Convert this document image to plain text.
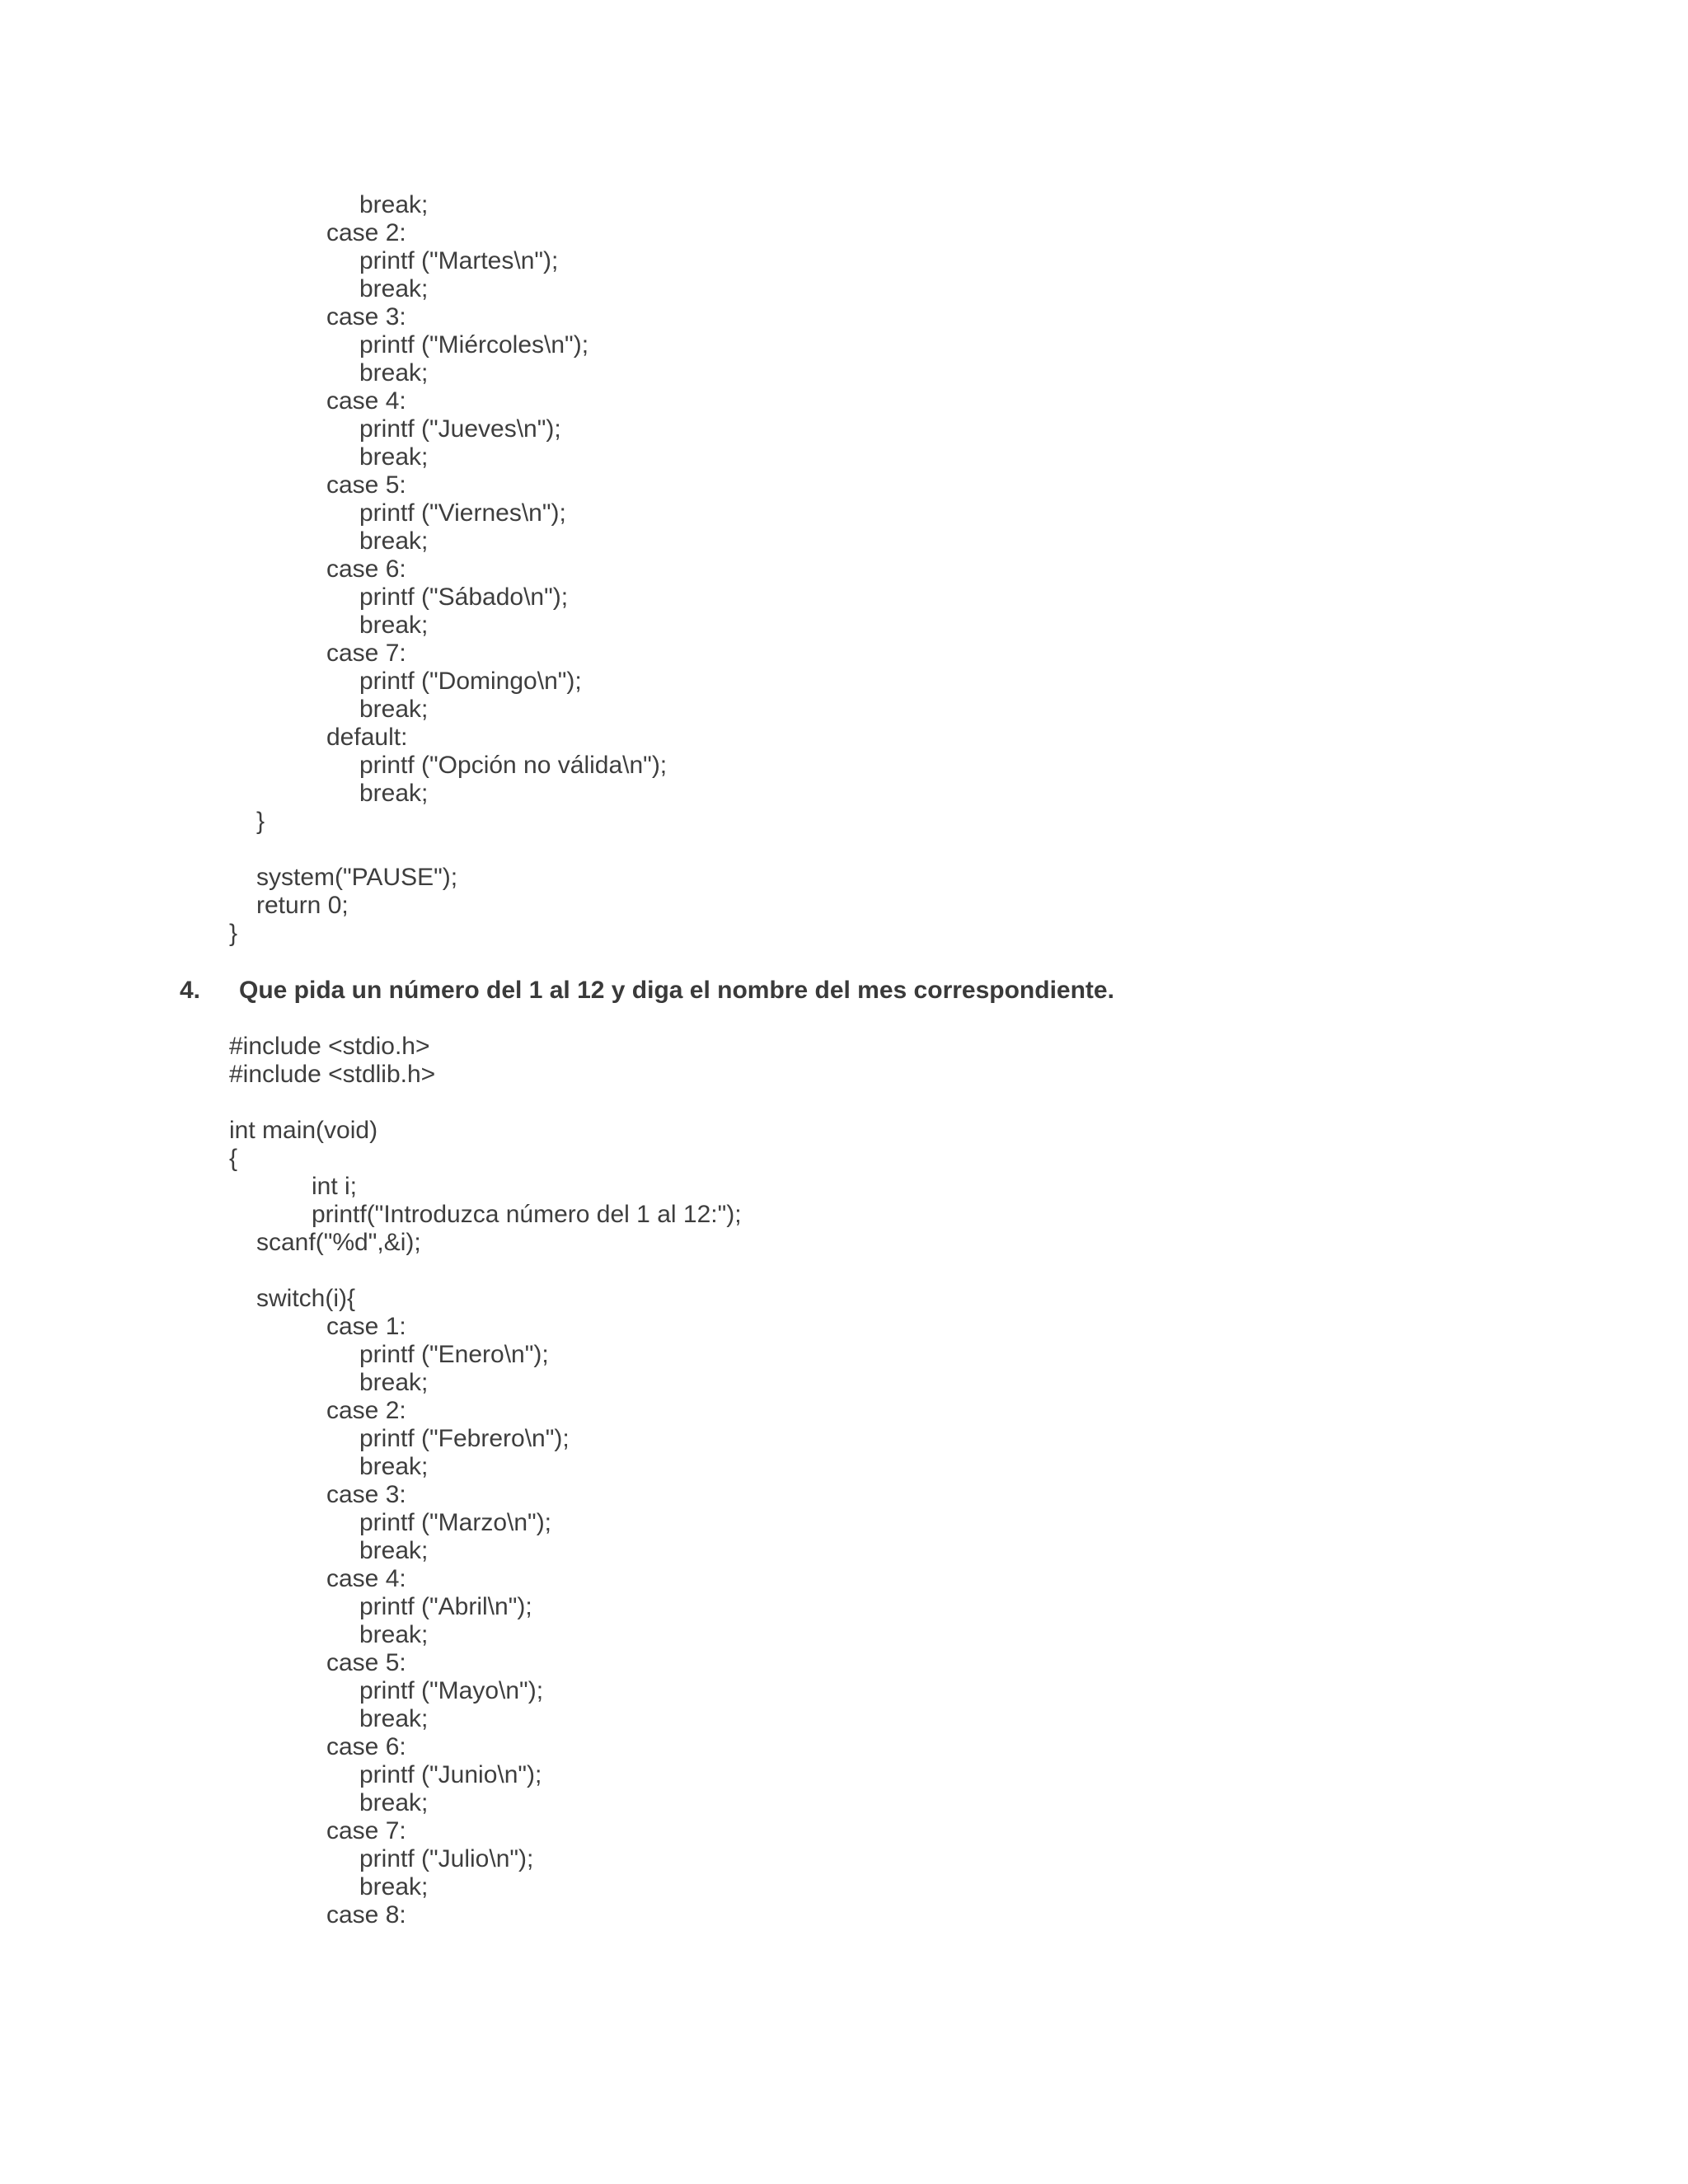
break;
case 2:
printf ("Martes\n");
break;
case 3:
printf ("Miércoles\n");
break;
case 4:
printf ("Jueves\n");
break;
case 5:
printf ("Viernes\n");
break;
case 6:
printf ("Sábado\n");
break;
case 7:
printf ("Domingo\n");
break;
default:
printf ("Opción no válida\n");
break;
}
system("PAUSE");
return 0;
}
4. Que pida un número del 1 al 12 y diga el nombre del mes correspondiente.
#include <stdio.h>
#include <stdlib.h>
int main(void)
{
int i;
printf("Introduzca número del 1 al 12:");
scanf("%d",&i);
switch(i){
case 1:
printf ("Enero\n");
break;
case 2:
printf ("Febrero\n");
break;
case 3:
printf ("Marzo\n");
break;
case 4:
printf ("Abril\n");
break;
case 5:
printf ("Mayo\n");
break;
case 6:
printf ("Junio\n");
break;
case 7:
printf ("Julio\n");
break;
case 8:
